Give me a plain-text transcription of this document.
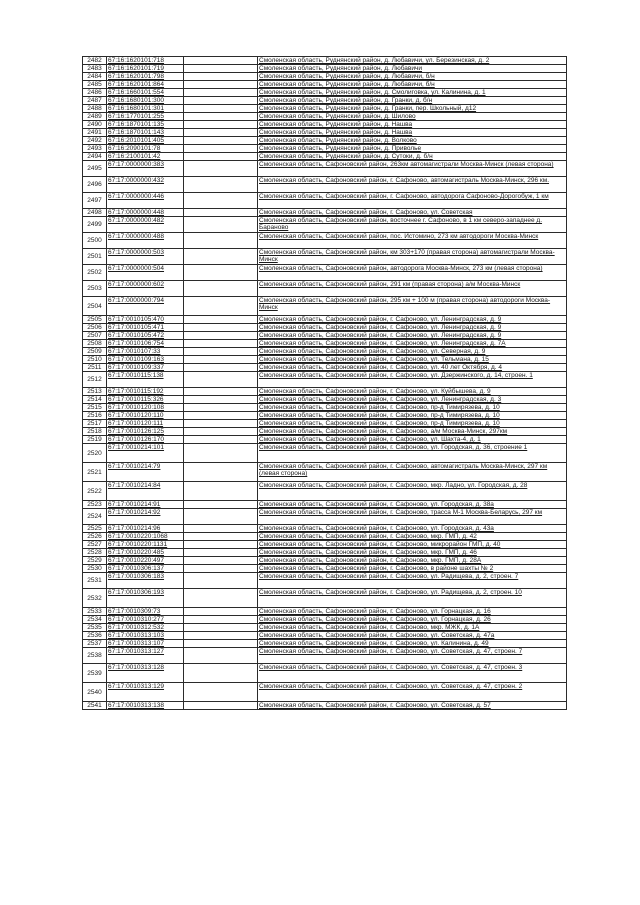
2482	67:16:1620101:718		Смоленская область, Руднянский район, д. Любавичи, ул. Березинская, д. 2
2483	67:16:1620101:719		Смоленская область, Руднянский район, д. Любавичи
2484	67:16:1620101:798		Смоленская область, Руднянский район, д. Любавичи, б/н
2485	67:16:1620101:864		Смоленская область, Руднянский район, д. Любавичи, б/н
2486	67:16:1660101:554		Смоленская область, Руднянский район, д. Смолиговка, ул. Калинина, д. 1
2487	67:16:1680101:300		Смоленская область, Руднянский район, д. Гранки, д. б/н
2488	67:16:1680101:301		Смоленская область, Руднянский район, д. Гранки, пер. Школьный, д12
2489	67:16:1770101:255		Смоленская область, Руднянский район, д. Шилово
2490	67:16:1870101:135		Смоленская область, Руднянский район, д. Нашва
2491	67:16:1870101:143		Смоленская область, Руднянский район, д. Нашва
2492	67:16:2010101:405		Смоленская область, Руднянский район, д. Волково
2493	67:16:2090101:78		Смоленская область, Руднянский район, д. Приволье
2494	67:16:2100101:42		Смоленская область, Руднянский район, д. Сутоки, д. б/н
2495	67:17:0000000:383		Смоленская область, Сафоновский район, 263км автомагистрали Москва-Минск (левая сторона)
2496	67:17:0000000:432		Смоленская область, Сафоновский район, г. Сафоново, автомагистраль Москва-Минск, 296 км.
2497	67:17:0000000:446		Смоленская область, Сафоновский район, г. Сафоново, автодорога Сафоново-Дорогобуж, 1 км
2498	67:17:0000000:448		Смоленская область, Сафоновский район, г. Сафоново, ул. Советская
2499	67:17:0000000:482		Смоленская область, Сафоновский район, восточнее г. Сафоново, в 1 км северо-западнее д. Бараново
2500	67:17:0000000:488		Смоленская область, Сафоновский район, пос. Истомино, 273 км автодороги Москва-Минск
2501	67:17:0000000:503		Смоленская область, Сафоновский район, км 303+170 (правая сторона) автомагистрали Москва-Минск
2502	67:17:0000000:504		Смоленская область, Сафоновский район, автодорога Москва-Минск, 273 км (левая сторона)
2503	67:17:0000000:602		Смоленская область, Сафоновский район, 291 км (правая сторона) а/м Москва-Минск
2504	67:17:0000000:794		Смоленская область, Сафоновский район, 295 км + 100 м (правая сторона) автодороги Москва-Минск
2505	67:17:0010105:470		Смоленская область, Сафоновский район, г. Сафоново, ул. Ленинградская, д. 9
2506	67:17:0010105:471		Смоленская область, Сафоновский район, г. Сафоново, ул. Ленинградская, д. 9
2507	67:17:0010105:472		Смоленская область, Сафоновский район, г. Сафоново, ул. Ленинградская, д. 9
2508	67:17:0010106:754		Смоленская область, Сафоновский район, г. Сафоново, ул. Ленинградская, д. 7А
2509	67:17:0010107:33		Смоленская область, Сафоновский район, г. Сафоново, ул. Северная, д. 9
2510	67:17:0010109:163		Смоленская область, Сафоновский район, г. Сафоново, ул. Тельмана, д. 15
2511	67:17:0010109:337		Смоленская область, Сафоновский район, г. Сафоново, ул. 40 лет Октября, д. 4
2512	67:17:0010115:138		Смоленская область, Сафоновский район, г. Сафоново, ул. Дзержинского, д. 14, строен. 1
2513	67:17:0010115:192		Смоленская область, Сафоновский район, г. Сафоново, ул. Куйбышева, д. 9
2514	67:17:0010115:326		Смоленская область, Сафоновский район, г. Сафоново, ул. Ленинградская, д. 3
2515	67:17:0010120:108		Смоленская область, Сафоновский район, г. Сафоново, пр-д Тимирязева, д. 10
2516	67:17:0010120:110		Смоленская область, Сафоновский район, г. Сафоново, пр-д Тимирязева, д. 10
2517	67:17:0010120:111		Смоленская область, Сафоновский район, г. Сафоново, пр-д Тимирязева, д. 10
2518	67:17:0010126:125		Смоленская область, Сафоновский район, г. Сафоново, а/м Москва-Минск, 297км
2519	67:17:0010126:170		Смоленская область, Сафоновский район, г. Сафоново, ул. Шахта-4, д. 1
2520	67:17:0010214:101		Смоленская область, Сафоновский район, г. Сафоново, ул. Городская, д. 36, строение 1
2521	67:17:0010214:79		Смоленская область, Сафоновский район, г. Сафоново, автомагистраль Москва-Минск, 297 км (левая сторона)
2522	67:17:0010214:84		Смоленская область, Сафоновский район, г. Сафоново, мкр. Ладно, ул. Городская, д. 28
2523	67:17:0010214:91		Смоленская область, Сафоновский район, г. Сафоново, ул. Городская, д. 38а
2524	67:17:0010214:92		Смоленская область, Сафоновский район, г. Сафоново, трасса М-1 Москва-Беларусь, 297 км
2525	67:17:0010214:96		Смоленская область, Сафоновский район, г. Сафоново, ул. Городская, д. 43а
2526	67:17:0010220:1068		Смоленская область, Сафоновский район, г. Сафоново, мкр. ГМП, д. 42
2527	67:17:0010220:1131		Смоленская область, Сафоновский район, г. Сафоново, микрорайон ГМП, д. 40
2528	67:17:0010220:485		Смоленская область, Сафоновский район, г. Сафоново, мкр. ГМП, д. 46
2529	67:17:0010220:497		Смоленская область, Сафоновский район, г. Сафоново, мкр. ГМП, д. 28А
2530	67:17:0010306:137		Смоленская область, Сафоновский район, г. Сафоново, в районе шахты № 2
2531	67:17:0010306:183		Смоленская область, Сафоновский район, г. Сафоново, ул. Радищева, д. 2, строен. 7
2532	67:17:0010306:193		Смоленская область, Сафоновский район, г. Сафоново, ул. Радищева, д. 2, строен. 10
2533	67:17:0010309:73		Смоленская область, Сафоновский район, г. Сафоново, ул. Горнацкая, д. 16
2534	67:17:0010310:277		Смоленская область, Сафоновский район, г. Сафоново, ул. Горнацкая, д. 26
2535	67:17:0010312:532		Смоленская область, Сафоновский район, г. Сафоново, мкр. МЖК, д. 1А
2536	67:17:0010313:103		Смоленская область, Сафоновский район, г. Сафоново, ул. Советская, д. 47а
2537	67:17:0010313:107		Смоленская область, Сафоновский район, г. Сафоново, ул. Калинина, д. 49
2538	67:17:0010313:127		Смоленская область, Сафоновский район, г. Сафоново, ул. Советская, д. 47, строен. 7
2539	67:17:0010313:128		Смоленская область, Сафоновский район, г. Сафоново, ул. Советская, д. 47, строен. 3
2540	67:17:0010313:129		Смоленская область, Сафоновский район, г. Сафоново, ул. Советская, д. 47, строен. 2
2541	67:17:0010313:138		Смоленская область, Сафоновский район, г. Сафоново, ул. Советская, д. 57
